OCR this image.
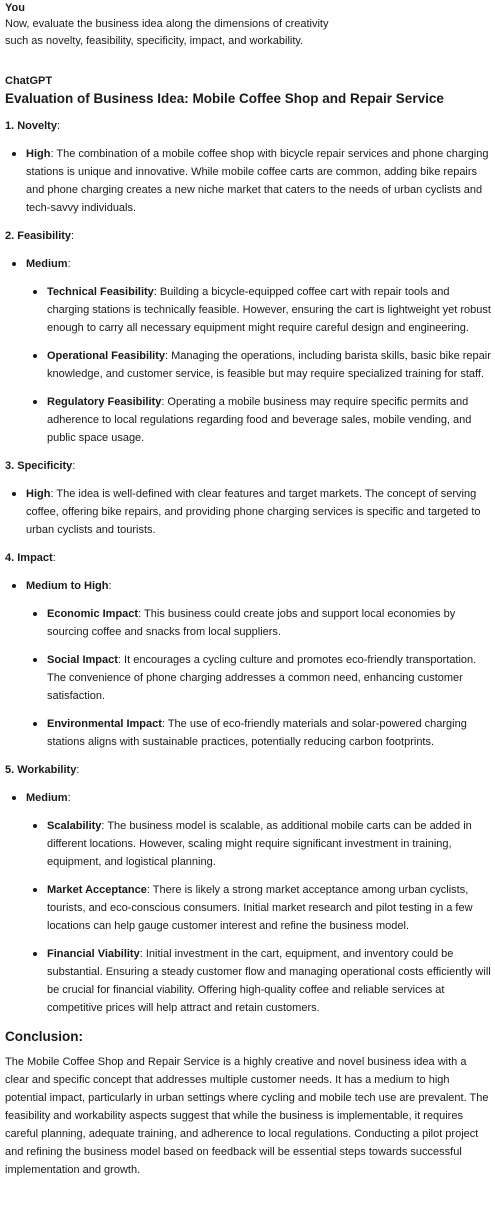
You

Now, evaluate the business idea along the dimensions of creativity
such as novelty, feasibility, specificity, impact, and workability.

ChatGPT

Evaluation of Business Idea: Mobile Coffee Shop and Repair Service

1. Novelty:

High: The combination of a mobile coffee shop with bicycle repair services and phone charging stations is unique and innovative. While mobile coffee carts are common, adding bike repairs and phone charging creates a new niche market that caters to the needs of urban cyclists and tech-savvy individuals.

2. Feasibility:

Medium:
Technical Feasibility: Building a bicycle-equipped coffee cart with repair tools and charging stations is technically feasible. However, ensuring the cart is lightweight yet robust enough to carry all necessary equipment might require careful design and engineering.
Operational Feasibility: Managing the operations, including barista skills, basic bike repair knowledge, and customer service, is feasible but may require specialized training for staff.
Regulatory Feasibility: Operating a mobile business may require specific permits and adherence to local regulations regarding food and beverage sales, mobile vending, and public space usage.

3. Specificity:

High: The idea is well-defined with clear features and target markets. The concept of serving coffee, offering bike repairs, and providing phone charging services is specific and targeted to urban cyclists and tourists.

4. Impact:

Medium to High:
Economic Impact: This business could create jobs and support local economies by sourcing coffee and snacks from local suppliers.
Social Impact: It encourages a cycling culture and promotes eco-friendly transportation. The convenience of phone charging addresses a common need, enhancing customer satisfaction.
Environmental Impact: The use of eco-friendly materials and solar-powered charging stations aligns with sustainable practices, potentially reducing carbon footprints.

5. Workability:

Medium:
Scalability: The business model is scalable, as additional mobile carts can be added in different locations. However, scaling might require significant investment in training, equipment, and logistical planning.
Market Acceptance: There is likely a strong market acceptance among urban cyclists, tourists, and eco-conscious consumers. Initial market research and pilot testing in a few locations can help gauge customer interest and refine the business model.
Financial Viability: Initial investment in the cart, equipment, and inventory could be substantial. Ensuring a steady customer flow and managing operational costs efficiently will be crucial for financial viability. Offering high-quality coffee and reliable services at competitive prices will help attract and retain customers.
Conclusion:

The Mobile Coffee Shop and Repair Service is a highly creative and novel business idea with a clear and specific concept that addresses multiple customer needs. It has a medium to high potential impact, particularly in urban settings where cycling and mobile tech use are prevalent. The feasibility and workability aspects suggest that while the business is implementable, it requires careful planning, adequate training, and adherence to local regulations. Conducting a pilot project and refining the business model based on feedback will be essential steps towards successful implementation and growth.
